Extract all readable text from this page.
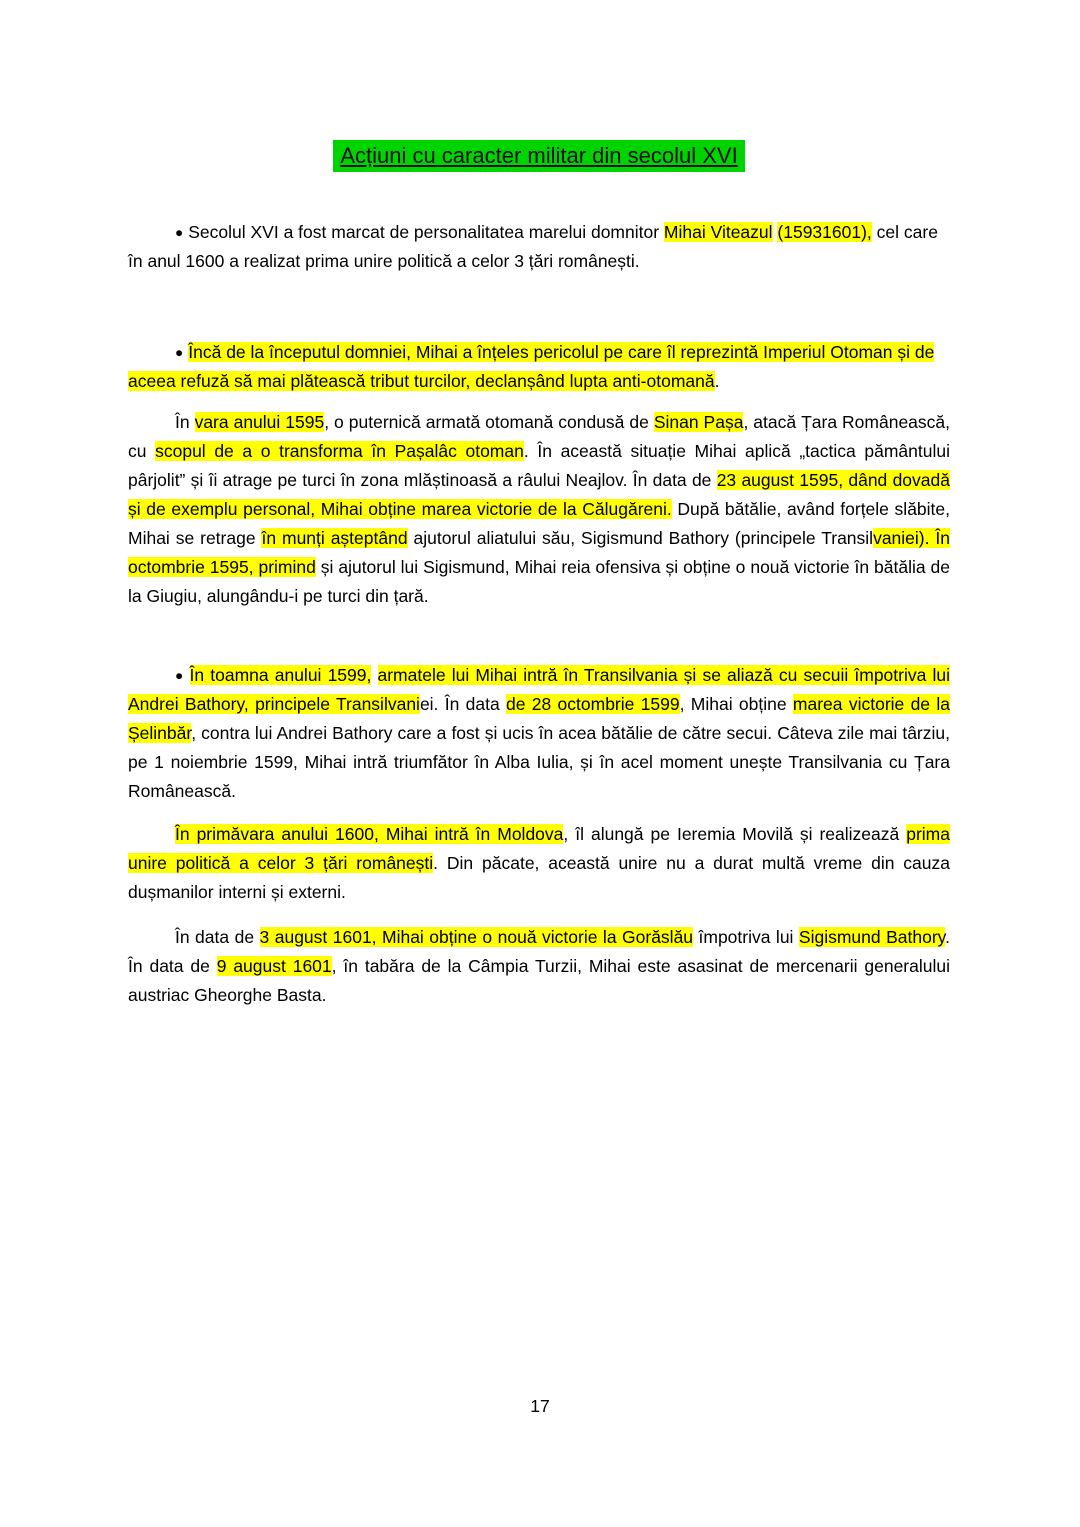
Acțiuni cu caracter militar din secolul XVI

● Secolul XVI a fost marcat de personalitatea marelui domnitor Mihai Viteazul (15931601), cel care în anul 1600 a realizat prima unire politică a celor 3 țări românești.

● Încă de la începutul domniei, Mihai a înțeles pericolul pe care îl reprezintă Imperiul Otoman și de aceea refuză să mai plătească tribut turcilor, declanșând lupta anti-otomană.

În vara anului 1595, o puternică armată otomană condusă de Sinan Pașa, atacă Țara Românească, cu scopul de a o transforma în Pașalâc otoman. În această situație Mihai aplică „tactica pământului pârjolit” și îi atrage pe turci în zona mlăștinoasă a râului Neajlov. În data de 23 august 1595, dând dovadă și de exemplu personal, Mihai obține marea victorie de la Călugăreni. După bătălie, având forțele slăbite, Mihai se retrage în munți așteptând ajutorul aliatului său, Sigismund Bathory (principele Transilvaniei). În octombrie 1595, primind și ajutorul lui Sigismund, Mihai reia ofensiva și obține o nouă victorie în bătălia de la Giugiu, alungându-i pe turci din țară.

● În toamna anului 1599, armatele lui Mihai intră în Transilvania și se aliază cu secuii împotriva lui Andrei Bathory, principele Transilvaniei. În data de 28 octombrie 1599, Mihai obține marea victorie de la Șelinbăr, contra lui Andrei Bathory care a fost și ucis în acea bătălie de către secui. Câteva zile mai târziu, pe 1 noiembrie 1599, Mihai intră triumfător în Alba Iulia, și în acel moment unește Transilvania cu Țara Românească.

În primăvara anului 1600, Mihai intră în Moldova, îl alungă pe Ieremia Movilă și realizează prima unire politică a celor 3 țări românești. Din păcate, această unire nu a durat multă vreme din cauza dușmanilor interni și externi.

În data de 3 august 1601, Mihai obține o nouă victorie la Gorăslău împotriva lui Sigismund Bathory. În data de 9 august 1601, în tabăra de la Câmpia Turzii, Mihai este asasinat de mercenarii generalului austriac Gheorghe Basta.

17
